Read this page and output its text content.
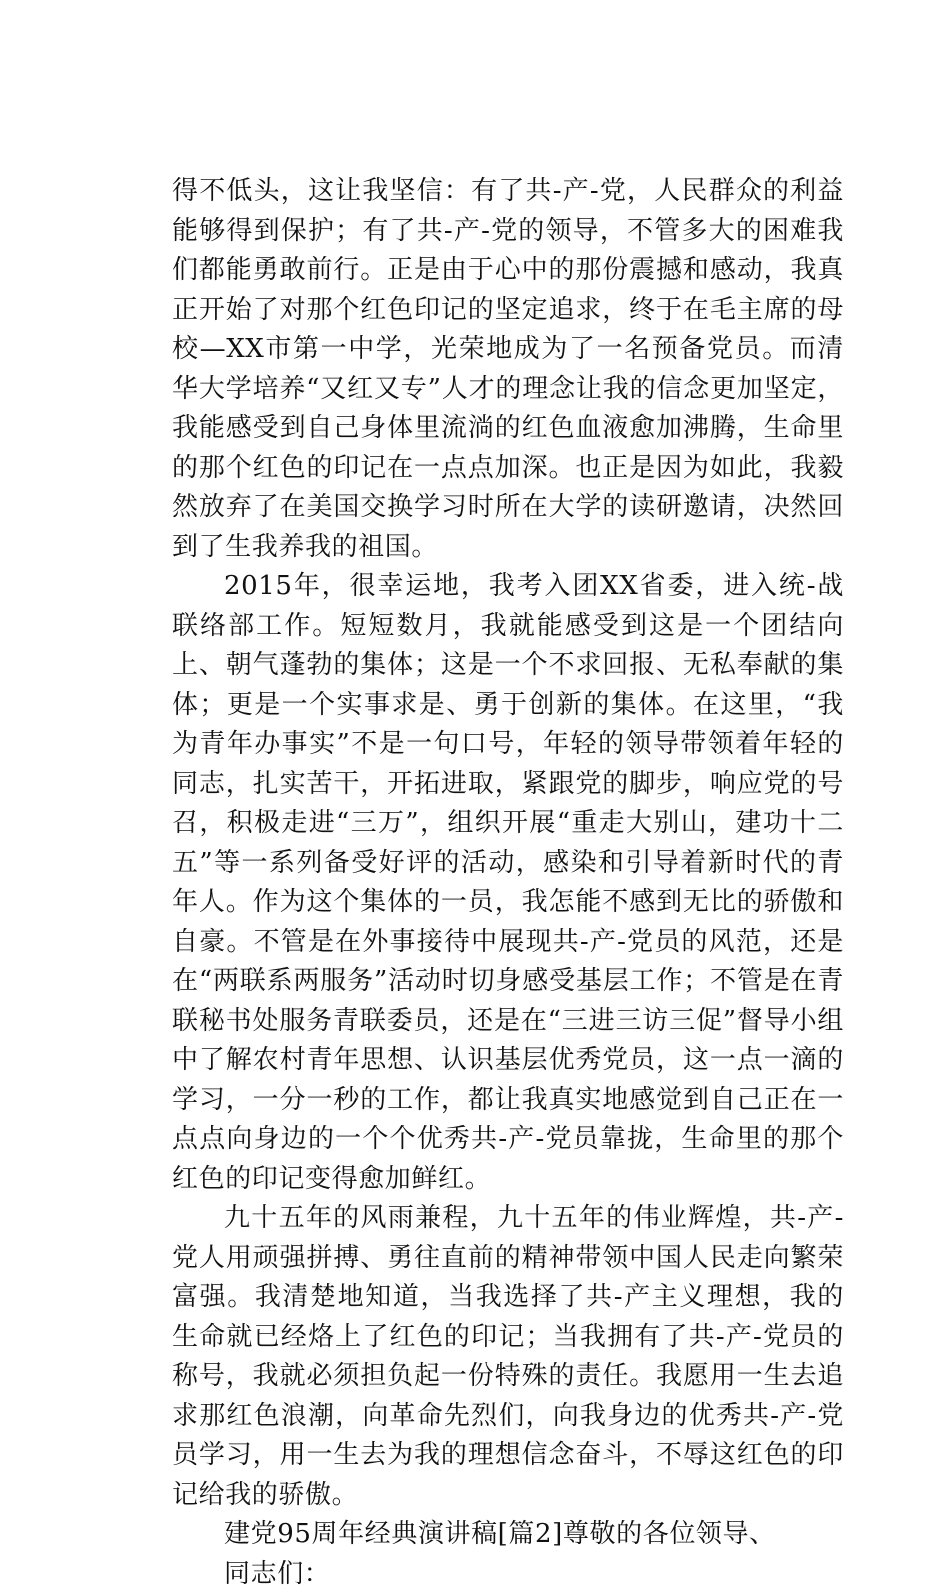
得不低头，这让我坚信：有了共-产-党，人民群众的利益能够得到保护；有了共-产-党的领导，不管多大的困难我们都能勇敢前行。正是由于心中的那份震撼和感动，我真正开始了对那个红色印记的坚定追求，终于在毛主席的母校—XX市第一中学，光荣地成为了一名预备党员。而清华大学培养“又红又专”人才的理念让我的信念更加坚定，我能感受到自己身体里流淌的红色血液愈加沸腾，生命里的那个红色的印记在一点点加深。也正是因为如此，我毅然放弃了在美国交换学习时所在大学的读研邀请，决然回到了生我养我的祖国。

2015年，很幸运地，我考入团XX省委，进入统-战联络部工作。短短数月，我就能感受到这是一个团结向上、朝气蓬勃的集体；这是一个不求回报、无私奉献的集体；更是一个实事求是、勇于创新的集体。在这里，“我为青年办事实”不是一句口号，年轻的领导带领着年轻的同志，扎实苦干，开拓进取，紧跟党的脚步，响应党的号召，积极走进“三万”，组织开展“重走大别山，建功十二五”等一系列备受好评的活动，感染和引导着新时代的青年人。作为这个集体的一员，我怎能不感到无比的骄傲和自豪。不管是在外事接待中展现共-产-党员的风范，还是在“两联系两服务”活动时切身感受基层工作；不管是在青联秘书处服务青联委员，还是在“三进三访三促”督导小组中了解农村青年思想、认识基层优秀党员，这一点一滴的学习，一分一秒的工作，都让我真实地感觉到自己正在一点点向身边的一个个优秀共-产-党员靠拢，生命里的那个红色的印记变得愈加鲜红。

九十五年的风雨兼程，九十五年的伟业辉煌，共-产-党人用顽强拼搏、勇往直前的精神带领中国人民走向繁荣富强。我清楚地知道，当我选择了共-产主义理想，我的生命就已经烙上了红色的印记；当我拥有了共-产-党员的称号，我就必须担负起一份特殊的责任。我愿用一生去追求那红色浪潮，向革命先烈们，向我身边的优秀共-产-党员学习，用一生去为我的理想信念奋斗，不辱这红色的印记给我的骄傲。

建党95周年经典演讲稿[篇2]尊敬的各位领导、

同志们：
